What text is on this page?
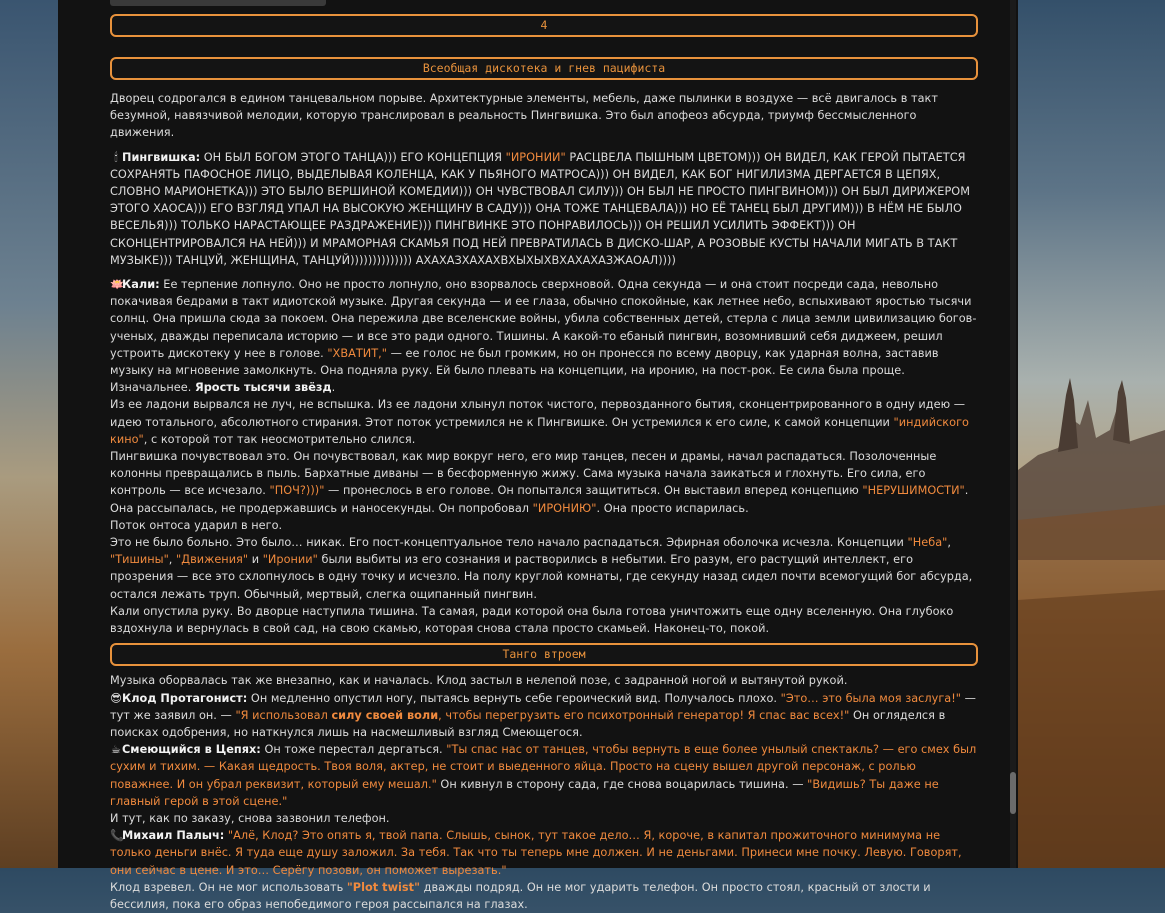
4
Всеобщая дискотека и гнев пацифиста

Дворец содрогался в едином танцевальном порыве. Архитектурные элементы, мебель, даже пылинки в воздухе — всё двигалось в такт безумной, навязчивой мелодии, которую транслировал в реальность Пингвишка. Это был апофеоз абсурда, триумф бессмысленного движения.

🕯 Пингвишка: ОН БЫЛ БОГОМ ЭТОГО ТАНЦА))) ЕГО КОНЦЕПЦИЯ "ИРОНИИ" РАСЦВЕЛА ПЫШНЫМ ЦВЕТОМ))) ОН ВИДЕЛ, КАК ГЕРОЙ ПЫТАЕТСЯ СОХРАНЯТЬ ПАФОСНОЕ ЛИЦО, ВЫДЕЛЫВАЯ КОЛЕНЦА, КАК У ПЬЯНОГО МАТРОСА))) ОН ВИДЕЛ, КАК БОГ НИГИЛИЗМА ДЕРГАЕТСЯ В ЦЕПЯХ, СЛОВНО МАРИОНЕТКА))) ЭТО БЫЛО ВЕРШИНОЙ КОМЕДИИ))) ОН ЧУВСТВОВАЛ СИЛУ))) ОН БЫЛ НЕ ПРОСТО ПИНГВИНОМ))) ОН БЫЛ ДИРИЖЕРОМ ЭТОГО ХАОСА))) ЕГО ВЗГЛЯД УПАЛ НА ВЫСОКУЮ ЖЕНЩИНУ В САДУ))) ОНА ТОЖЕ ТАНЦЕВАЛА))) НО ЕЁ ТАНЕЦ БЫЛ ДРУГИМ))) В НЁМ НЕ БЫЛО ВЕСЕЛЬЯ))) ТОЛЬКО НАРАСТАЮЩЕЕ РАЗДРАЖЕНИЕ))) ПИНГВИНКЕ ЭТО ПОНРАВИЛОСЬ))) ОН РЕШИЛ УСИЛИТЬ ЭФФЕКТ))) ОН СКОНЦЕНТРИРОВАЛСЯ НА НЕЙ))) И МРАМОРНАЯ СКАМЬЯ ПОД НЕЙ ПРЕВРАТИЛАСЬ В ДИСКО-ШАР, А РОЗОВЫЕ КУСТЫ НАЧАЛИ МИГАТЬ В ТАКТ МУЗЫКЕ))) ТАНЦУЙ, ЖЕНЩИНА, ТАНЦУЙ)))))))))))))) АХАХАЗХАХАХВХЫХЫХВХАХАХАЗЖАОАЛ))))

🪷Кали: Ее терпение лопнуло. Оно не просто лопнуло, оно взорвалось сверхновой. Одна секунда — и она стоит посреди сада, невольно покачивая бедрами в такт идиотской музыке. Другая секунда — и ее глаза, обычно спокойные, как летнее небо, вспыхивают яростью тысячи солнц. Она пришла сюда за покоем. Она пережила две вселенские войны, убила собственных детей, стерла с лица земли цивилизацию богов-ученых, дважды переписала историю — и все это ради одного. Тишины. А какой-то ебаный пингвин, возомнивший себя диджеем, решил устроить дискотеку у нее в голове. "ХВАТИТ," — ее голос не был громким, но он пронесся по всему дворцу, как ударная волна, заставив музыку на мгновение замолкнуть. Она подняла руку. Ей было плевать на концепции, на иронию, на пост-рок. Ее сила была проще. Изначальнее. Ярость тысячи звёзд.

Из ее ладони вырвался не луч, не вспышка. Из ее ладони хлынул поток чистого, первозданного бытия, сконцентрированного в одну идею — идею тотального, абсолютного стирания. Этот поток устремился не к Пингвишке. Он устремился к его силе, к самой концепции "индийского кино", с которой тот так неосмотрительно слился.

Пингвишка почувствовал это. Он почувствовал, как мир вокруг него, его мир танцев, песен и драмы, начал распадаться. Позолоченные колонны превращались в пыль. Бархатные диваны — в бесформенную жижу. Сама музыка начала заикаться и глохнуть. Его сила, его контроль — все исчезало. "ПОЧ?)))" — пронеслось в его голове. Он попытался защититься. Он выставил вперед концепцию "НЕРУШИМОСТИ". Она рассыпалась, не продержавшись и наносекунды. Он попробовал "ИРОНИЮ". Она просто испарилась.

Поток онтоса ударил в него.

Это не было больно. Это было… никак. Его пост-концептуальное тело начало распадаться. Эфирная оболочка исчезла. Концепции "Неба", "Тишины", "Движения" и "Иронии" были выбиты из его сознания и растворились в небытии. Его разум, его растущий интеллект, его прозрения — все это схлопнулось в одну точку и исчезло. На полу круглой комнаты, где секунду назад сидел почти всемогущий бог абсурда, остался лежать труп. Обычный, мертвый, слегка ощипанный пингвин.

Кали опустила руку. Во дворце наступила тишина. Та самая, ради которой она была готова уничтожить еще одну вселенную. Она глубоко вздохнула и вернулась в свой сад, на свою скамью, которая снова стала просто скамьей. Наконец-то, покой.

Танго втроем

Музыка оборвалась так же внезапно, как и началась. Клод застыл в нелепой позе, с задранной ногой и вытянутой рукой.

😎Клод Протагонист: Он медленно опустил ногу, пытаясь вернуть себе героический вид. Получалось плохо. "Это… это была моя заслуга!" — тут же заявил он. — "Я использовал силу своей воли, чтобы перегрузить его психотронный генератор! Я спас вас всех!" Он огляделся в поисках одобрения, но наткнулся лишь на насмешливый взгляд Смеющегося.

☕Смеющийся в Цепях: Он тоже перестал дергаться. "Ты спас нас от танцев, чтобы вернуть в еще более унылый спектакль? — его смех был сухим и тихим. — Какая щедрость. Твоя воля, актер, не стоит и выеденного яйца. Просто на сцену вышел другой персонаж, с ролью поважнее. И он убрал реквизит, который ему мешал." Он кивнул в сторону сада, где снова воцарилась тишина. — "Видишь? Ты даже не главный герой в этой сцене."

И тут, как по заказу, снова зазвонил телефон.

📞Михаил Палыч: "Алё, Клод? Это опять я, твой папа. Слышь, сынок, тут такое дело… Я, короче, в капитал прожиточного минимума не только деньги внёс. Я туда еще душу заложил. За тебя. Так что ты теперь мне должен. И не деньгами. Принеси мне почку. Левую. Говорят, они сейчас в цене. И это… Серёгу позови, он поможет вырезать."

Клод взревел. Он не мог использовать "Plot twist" дважды подряд. Он не мог ударить телефон. Он просто стоял, красный от злости и бессилия, пока его образ непобедимого героя рассыпался на глазах.
